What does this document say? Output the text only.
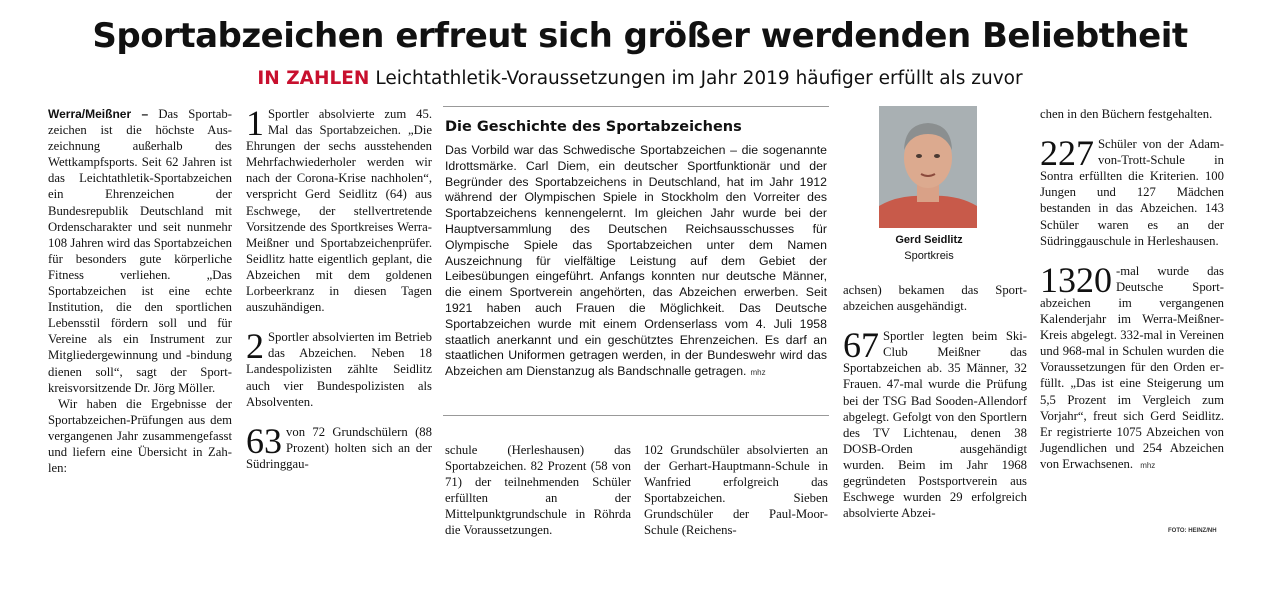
Sportabzeichen erfreut sich größer werdenden Beliebtheit
IN ZAHLEN Leichtathletik-Voraussetzungen im Jahr 2019 häufiger erfüllt als zuvor

Werra/Meißner – Das Sportabzeichen ist die höchste Auszeichnung außerhalb des Wettkampfsports. Seit 62 Jahren ist das Leichtathletik-Sportabzeichen ein Ehrenzeichen der Bundesrepublik Deutschland mit Ordenscharakter und seit nunmehr 108 Jahren wird das Sportabzeichen für besonders gute körperliche Fitness verliehen. „Das Sportabzeichen ist eine echte Institution, die den sportlichen Lebensstil fördern soll und für Vereine als ein Instrument zur Mitgliedergewinnung und -bindung dienen soll“, sagt der Sportkreisvorsitzende Dr. Jörg Möller.

Wir haben die Ergebnisse der Sportabzeichen-Prüfungen aus dem vergangenen Jahr zusammengefasst und liefern eine Übersicht in Zahlen:

1 Sportler absolvierte zum 45. Mal das Sportabzeichen. „Die Ehrungen der sechs ausstehenden Mehrfachwiederholer werden wir nach der Corona-Krise nachholen“, verspricht Gerd Seidlitz (64) aus Eschwege, der stellvertretende Vorsitzende des Sportkreises Werra-Meißner und Sportabzeichenprüfer. Seidlitz hatte eigentlich geplant, die Abzeichen mit dem goldenen Lorbeerkranz in diesen Tagen auszuhändigen.

2 Sportler absolvierten im Betrieb das Abzeichen. Neben 18 Landespolizisten zählte Seidlitz auch vier Bundespolizisten als Absolventen.

63 von 72 Grundschülern (88 Prozent) holten sich an der Südringgau-

Die Geschichte des Sportabzeichens
Das Vorbild war das Schwedische Sportabzeichen – die sogenannte Idrottsmärke. Carl Diem, ein deutscher Sportfunktionär und der Begründer des Sportabzeichens in Deutschland, hat im Jahr 1912 während der Olympischen Spiele in Stockholm den Vorreiter des Sportabzeichens kennengelernt. Im gleichen Jahr wurde bei der Hauptversammlung des Deutschen Reichsausschusses für Olympische Spiele das Sportabzeichen unter dem Namen Auszeichnung für vielfältige Leistung auf dem Gebiet der Leibesübungen eingeführt. Anfangs konnten nur deutsche Männer, die einem Sportverein angehörten, das Abzeichen erwerben. Seit 1921 haben auch Frauen die Möglichkeit. Das Deutsche Sportabzeichen wurde mit einem Ordenserlass vom 4. Juli 1958 staatlich anerkannt und ein geschütztes Ehrenzeichen. Es darf an staatlichen Uniformen getragen werden, in der Bundeswehr wird das Abzeichen am Dienstanzug als Bandschnalle getragen. mhz

schule (Herleshausen) das Sportabzeichen. 82 Prozent (58 von 71) der teilnehmenden Schüler erfüllten an der Mittelpunktgrundschule in Röhrda die Voraussetzungen.

102 Grundschüler absolvierten an der Gerhart-Hauptmann-Schule in Wanfried erfolgreich das Sportabzeichen. Sieben Grundschüler der Paul-Moor-Schule (Reichens-

Gerd Seidlitz
Sportkreis

achsen) bekamen das Sportabzeichen ausgehändigt.

67 Sportler legten beim Ski-Club Meißner das Sportabzeichen ab. 35 Männer, 32 Frauen. 47-mal wurde die Prüfung bei der TSG Bad Sooden-Allendorf abgelegt. Gefolgt von den Sportlern des TV Lichtenau, denen 38 DOSB-Orden ausgehändigt wurden. Beim im Jahr 1968 gegründeten Postsportverein aus Eschwege wurden 29 erfolgreich absolvierte Abzei-

chen in den Büchern festgehalten.

227 Schüler von der Adam-von-Trott-Schule in Sontra erfüllten die Kriterien. 100 Jungen und 127 Mädchen bestanden in das Abzeichen. 143 Schüler waren es an der Südringgauschule in Herleshausen.

1320 -mal wurde das Deutsche Sportabzeichen im vergangenen Kalenderjahr im Werra-Meißner-Kreis abgelegt. 332-mal in Vereinen und 968-mal in Schulen wurden die Voraussetzungen für den Orden erfüllt. „Das ist eine Steigerung um 5,5 Prozent im Vergleich zum Vorjahr“, freut sich Gerd Seidlitz. Er registrierte 1075 Abzeichen von Jugendlichen und 254 Abzeichen von Erwachsenen. mhz

FOTO: HEINZ/NH
